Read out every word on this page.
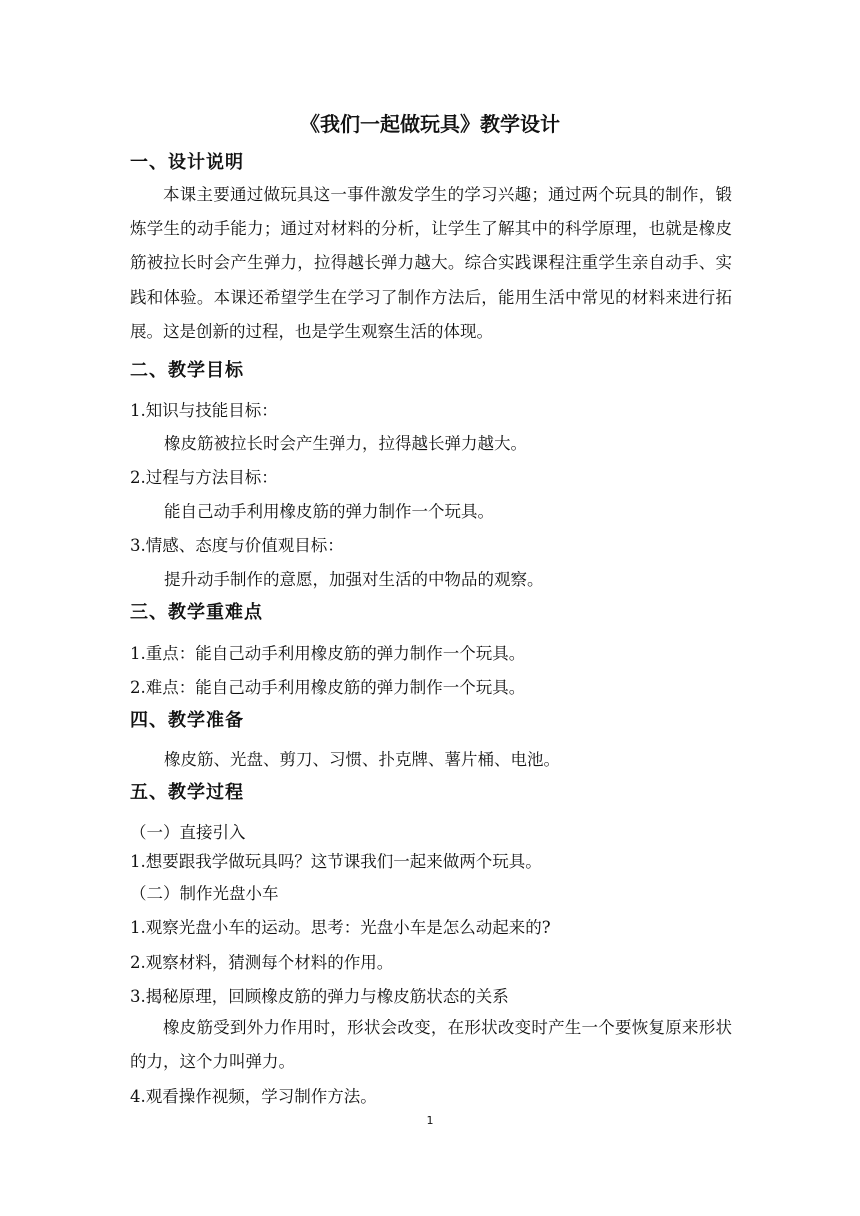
《我们一起做玩具》教学设计
一、设计说明
本课主要通过做玩具这一事件激发学生的学习兴趣；通过两个玩具的制作，锻炼学生的动手能力；通过对材料的分析，让学生了解其中的科学原理，也就是橡皮筋被拉长时会产生弹力，拉得越长弹力越大。综合实践课程注重学生亲自动手、实践和体验。本课还希望学生在学习了制作方法后，能用生活中常见的材料来进行拓展。这是创新的过程，也是学生观察生活的体现。
二、教学目标
1.知识与技能目标：
橡皮筋被拉长时会产生弹力，拉得越长弹力越大。
2.过程与方法目标：
能自己动手利用橡皮筋的弹力制作一个玩具。
3.情感、态度与价值观目标：
提升动手制作的意愿，加强对生活的中物品的观察。
三、教学重难点
1.重点：能自己动手利用橡皮筋的弹力制作一个玩具。
2.难点：能自己动手利用橡皮筋的弹力制作一个玩具。
四、教学准备
橡皮筋、光盘、剪刀、习惯、扑克牌、薯片桶、电池。
五、教学过程
（一）直接引入
1.想要跟我学做玩具吗？这节课我们一起来做两个玩具。
（二）制作光盘小车
1.观察光盘小车的运动。思考：光盘小车是怎么动起来的?
2.观察材料，猜测每个材料的作用。
3.揭秘原理，回顾橡皮筋的弹力与橡皮筋状态的关系
橡皮筋受到外力作用时，形状会改变，在形状改变时产生一个要恢复原来形状的力，这个力叫弹力。
4.观看操作视频，学习制作方法。
1
